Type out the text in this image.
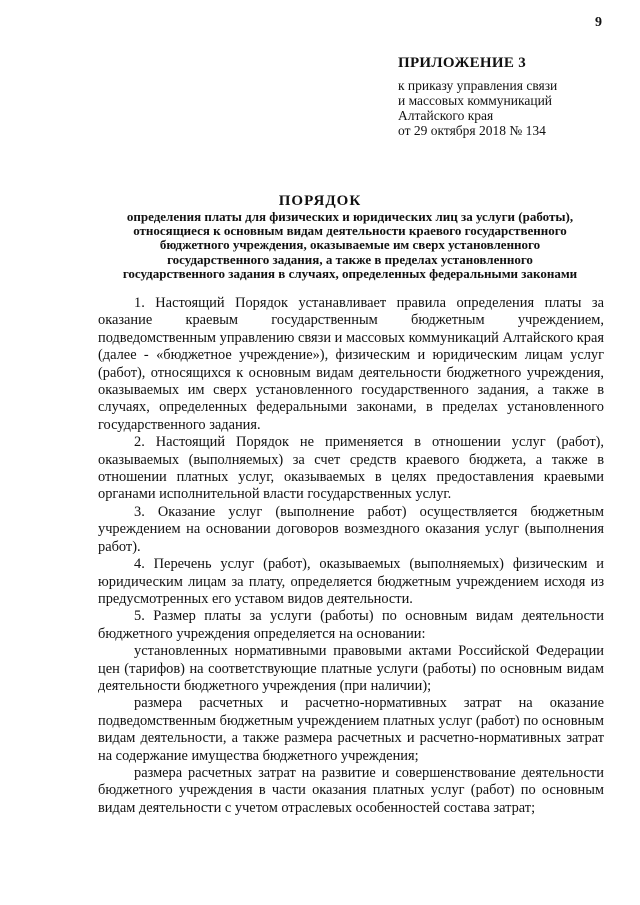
9
ПРИЛОЖЕНИЕ 3
к приказу управления связи
и массовых коммуникаций
Алтайского края
от 29 октября 2018 № 134
ПОРЯДОК
определения платы для физических и юридических лиц за услуги (работы),
относящиеся к основным видам деятельности краевого государственного
бюджетного учреждения, оказываемые им сверх установленного
государственного задания, а также в пределах установленного
государственного задания в случаях, определенных федеральными законами

1. Настоящий Порядок устанавливает правила определения платы за оказание краевым государственным бюджетным учреждением, подведомственным управлению связи и массовых коммуникаций Алтайского края (далее - «бюджетное учреждение»), физическим и юридическим лицам услуг (работ), относящихся к основным видам деятельности бюджетного учреждения, оказываемых им сверх установленного государственного задания, а также в случаях, определенных федеральными законами, в пределах установленного государственного задания.

2. Настоящий Порядок не применяется в отношении услуг (работ), оказываемых (выполняемых) за счет средств краевого бюджета, а также в отношении платных услуг, оказываемых в целях предоставления краевыми органами исполнительной власти государственных услуг.

3. Оказание услуг (выполнение работ) осуществляется бюджетным учреждением на основании договоров возмездного оказания услуг (выполнения работ).

4. Перечень услуг (работ), оказываемых (выполняемых) физическим и юридическим лицам за плату, определяется бюджетным учреждением исходя из предусмотренных его уставом видов деятельности.

5. Размер платы за услуги (работы) по основным видам деятельности бюджетного учреждения определяется на основании:

установленных нормативными правовыми актами Российской Федерации цен (тарифов) на соответствующие платные услуги (работы) по основным видам деятельности бюджетного учреждения (при наличии);

размера расчетных и расчетно-нормативных затрат на оказание подведомственным бюджетным учреждением платных услуг (работ) по основным видам деятельности, а также размера расчетных и расчетно-нормативных затрат на содержание имущества бюджетного учреждения;

размера расчетных затрат на развитие и совершенствование деятельности бюджетного учреждения в части оказания платных услуг (работ) по основным видам деятельности с учетом отраслевых особенностей состава затрат;
